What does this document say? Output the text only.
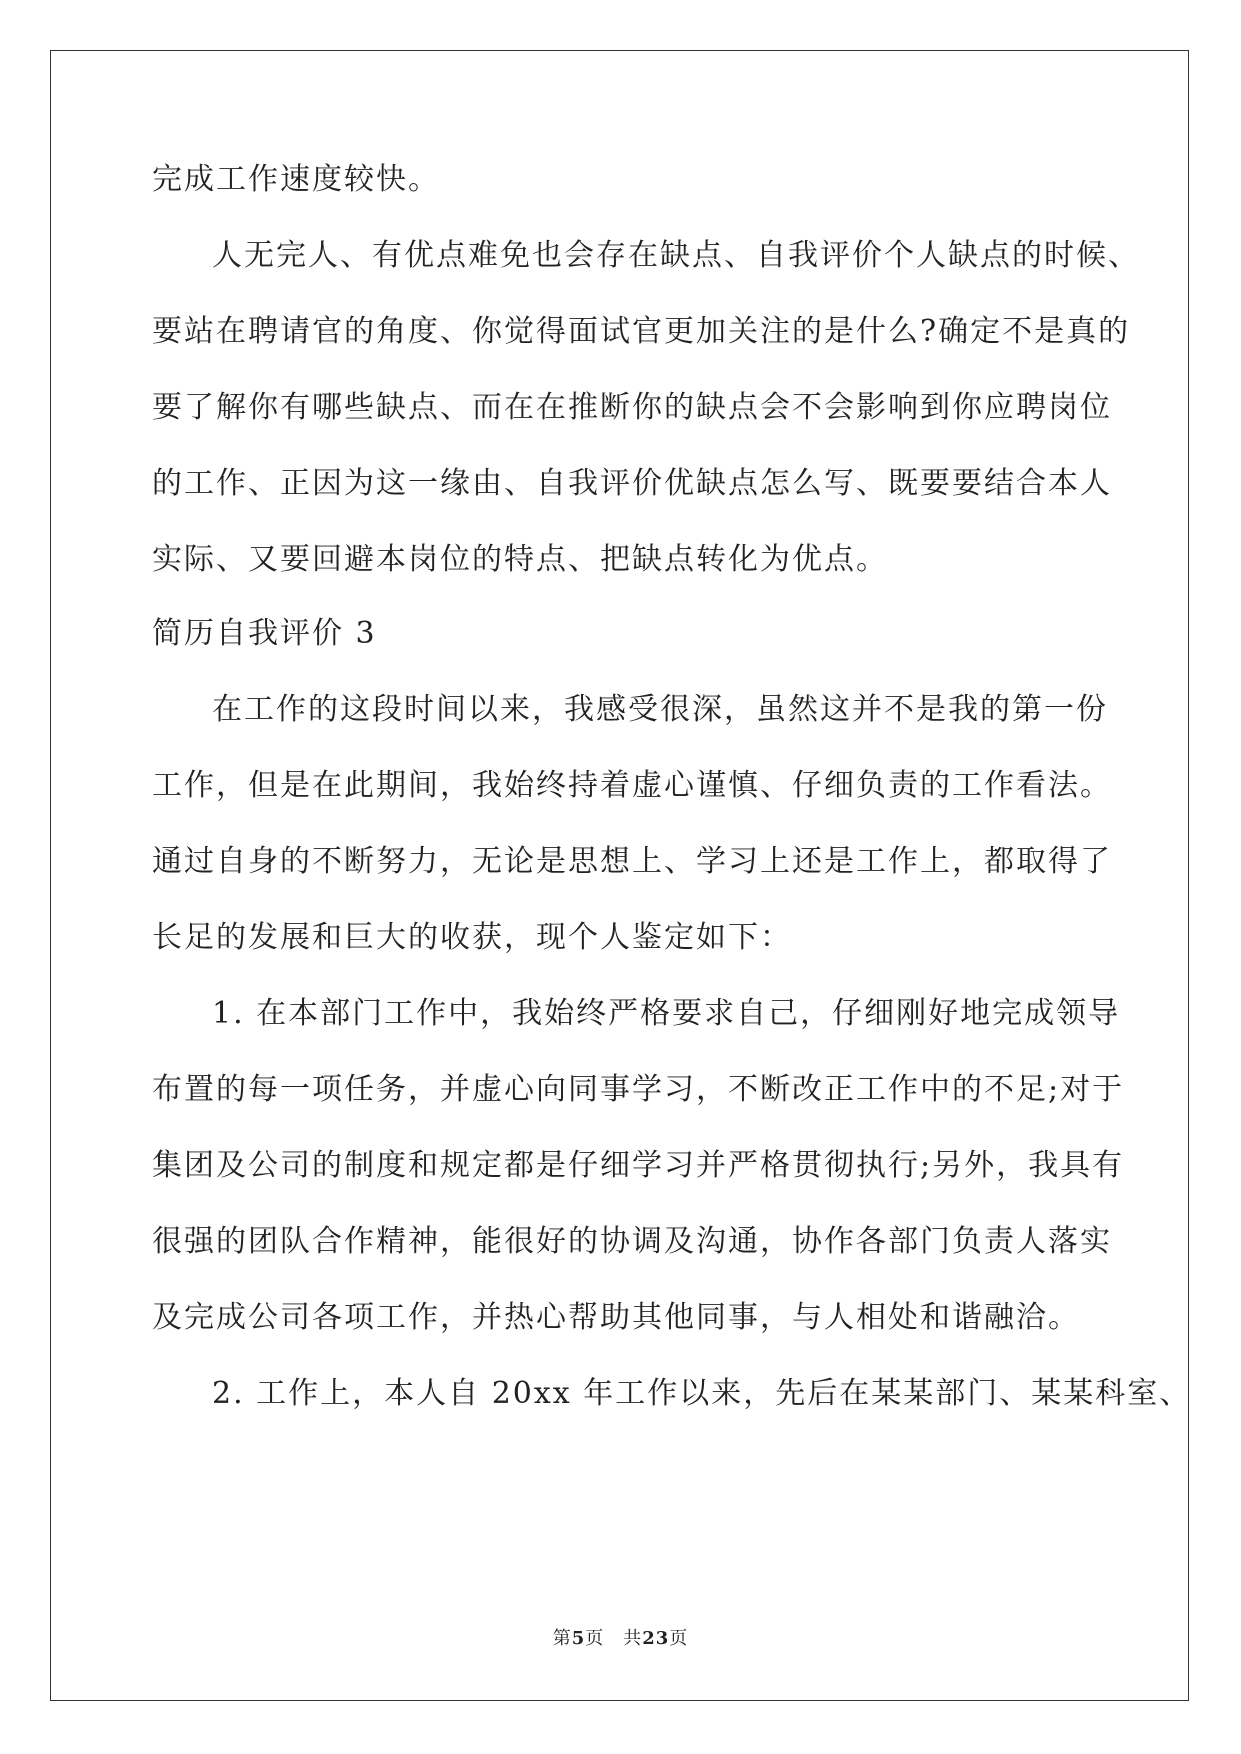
完成工作速度较快。
人无完人、有优点难免也会存在缺点、自我评价个人缺点的时候、
要站在聘请官的角度、你觉得面试官更加关注的是什么?确定不是真的
要了解你有哪些缺点、而在在推断你的缺点会不会影响到你应聘岗位
的工作、正因为这一缘由、自我评价优缺点怎么写、既要要结合本人
实际、又要回避本岗位的特点、把缺点转化为优点。
简历自我评价 3
在工作的这段时间以来，我感受很深，虽然这并不是我的第一份
工作，但是在此期间，我始终持着虚心谨慎、仔细负责的工作看法。
通过自身的不断努力，无论是思想上、学习上还是工作上，都取得了
长足的发展和巨大的收获，现个人鉴定如下：
1. 在本部门工作中，我始终严格要求自己，仔细刚好地完成领导
布置的每一项任务，并虚心向同事学习，不断改正工作中的不足;对于
集团及公司的制度和规定都是仔细学习并严格贯彻执行;另外，我具有
很强的团队合作精神，能很好的协调及沟通，协作各部门负责人落实
及完成公司各项工作，并热心帮助其他同事，与人相处和谐融洽。
2. 工作上，本人自 20xx 年工作以来，先后在某某部门、某某科室、
第5页　共23页
